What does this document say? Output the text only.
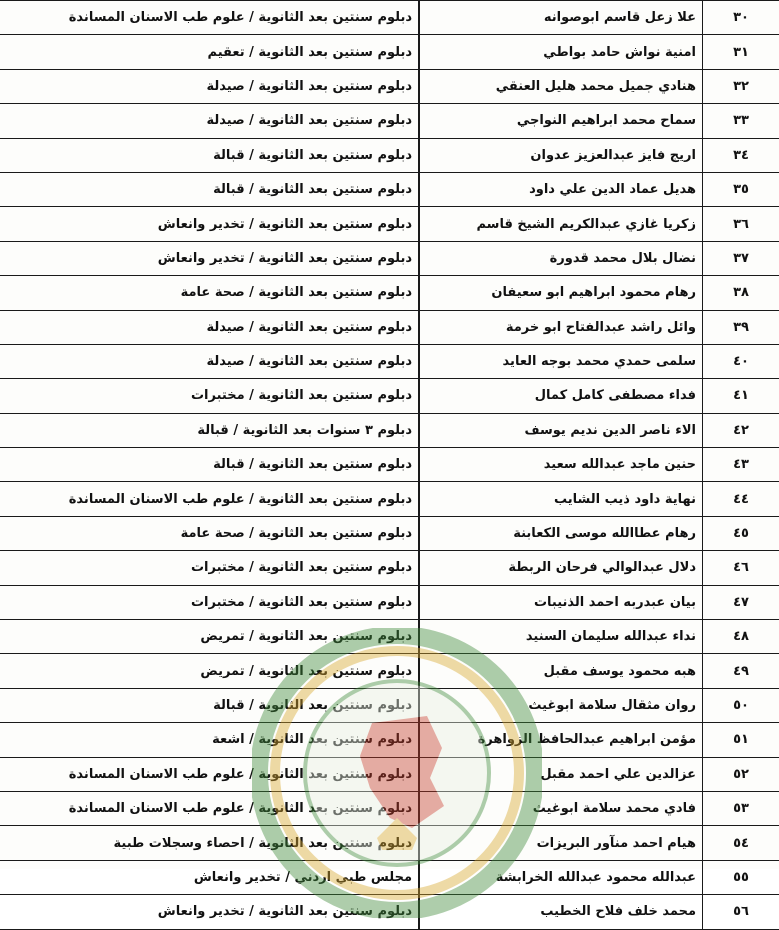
٣٠	علا زعل قاسم ابوصوانه	دبلوم سنتين بعد الثانوية / علوم طب الاسنان المساندة
٣١	امنية نواش حامد بواطي	دبلوم سنتين بعد الثانوية / تعقيم
٣٢	هنادي جميل محمد هليل العنقي	دبلوم سنتين بعد الثانوية / صيدلة
٣٣	سماح محمد ابراهيم النواجي	دبلوم سنتين بعد الثانوية / صيدلة
٣٤	اريج فايز عبدالعزيز عدوان	دبلوم سنتين بعد الثانوية / قبالة
٣٥	هديل عماد الدين علي داود	دبلوم سنتين بعد الثانوية / قبالة
٣٦	زكريا غازي عبدالكريم الشيخ قاسم	دبلوم سنتين بعد الثانوية / تخدير وانعاش
٣٧	نضال بلال محمد قدورة	دبلوم سنتين بعد الثانوية / تخدير وانعاش
٣٨	رهام محمود ابراهيم ابو سعيفان	دبلوم سنتين بعد الثانوية / صحة عامة
٣٩	وائل راشد عبدالفتاح ابو خرمة	دبلوم سنتين بعد الثانوية / صيدلة
٤٠	سلمى حمدي محمد بوجه العايد	دبلوم سنتين بعد الثانوية / صيدلة
٤١	فداء مصطفى كامل كمال	دبلوم سنتين بعد الثانوية / مختبرات
٤٢	الاء ناصر الدين نديم يوسف	دبلوم ٣ سنوات بعد الثانوية / قبالة
٤٣	حنين ماجد عبدالله سعيد	دبلوم سنتين بعد الثانوية / قبالة
٤٤	نهاية داود ذيب الشايب	دبلوم سنتين بعد الثانوية / علوم طب الاسنان المساندة
٤٥	رهام عطاالله موسى الكعابنة	دبلوم سنتين بعد الثانوية / صحة عامة
٤٦	دلال عبدالوالي فرحان الربطة	دبلوم سنتين بعد الثانوية / مختبرات
٤٧	بيان عبدربه احمد الذنيبات	دبلوم سنتين بعد الثانوية / مختبرات
٤٨	نداء عبدالله سليمان السنيد	دبلوم سنتين بعد الثانوية / تمريض
٤٩	هبه محمود يوسف مقبل	دبلوم سنتين بعد الثانوية / تمريض
٥٠	روان مثقال سلامة ابوغيث	دبلوم سنتين بعد الثانوية / قبالة
٥١	مؤمن ابراهيم عبدالحافظ الزواهرة	دبلوم سنتين بعد الثانوية / اشعة
٥٢	عزالدين علي احمد مقبل	دبلوم سنتين بعد الثانوية / علوم طب الاسنان المساندة
٥٣	فادي محمد سلامة ابوغيث	دبلوم سنتين بعد الثانوية / علوم طب الاسنان المساندة
٥٤	هيام احمد منآور البريزات	دبلوم سنتين بعد الثانوية / احصاء وسجلات طبية
٥٥	عبدالله محمود عبدالله الخرابشة	مجلس طبي اردني / تخدير وانعاش
٥٦	محمد خلف فلاح الخطيب	دبلوم سنتين بعد الثانوية / تخدير وانعاش
